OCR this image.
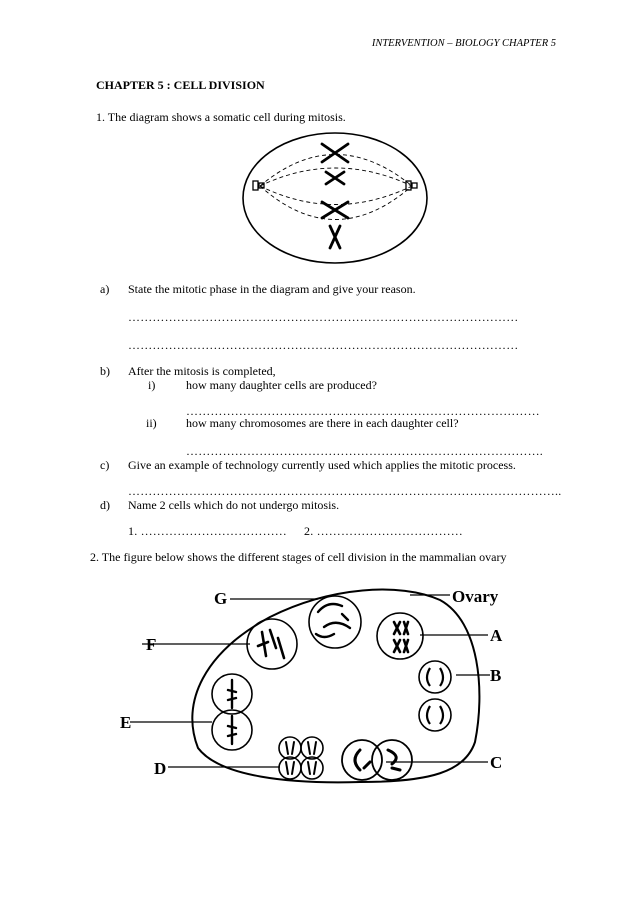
INTERVENTION – BIOLOGY CHAPTER 5
CHAPTER 5 : CELL DIVISION
1. The diagram shows a somatic cell during mitosis.
a) State the mitotic phase in the diagram and give your reason.
……………………………………………………………………………………
……………………………………………………………………………………
b) After the mitosis is completed,
i)	how many daughter cells are produced?
……………………………………………………………………………
ii) how many chromosomes are there in each daughter cell?
…………………………………………………………………………….
c) Give an example of technology currently used which applies the mitotic process.
……………………………………………………………………………………………..
d) Name 2 cells which do not undergo mitosis.
1. ……………………………… 2. ………………………………
2. The figure below shows the different stages of cell division in the mammalian ovary
G	Ovary
F	A
B
E
C
D
